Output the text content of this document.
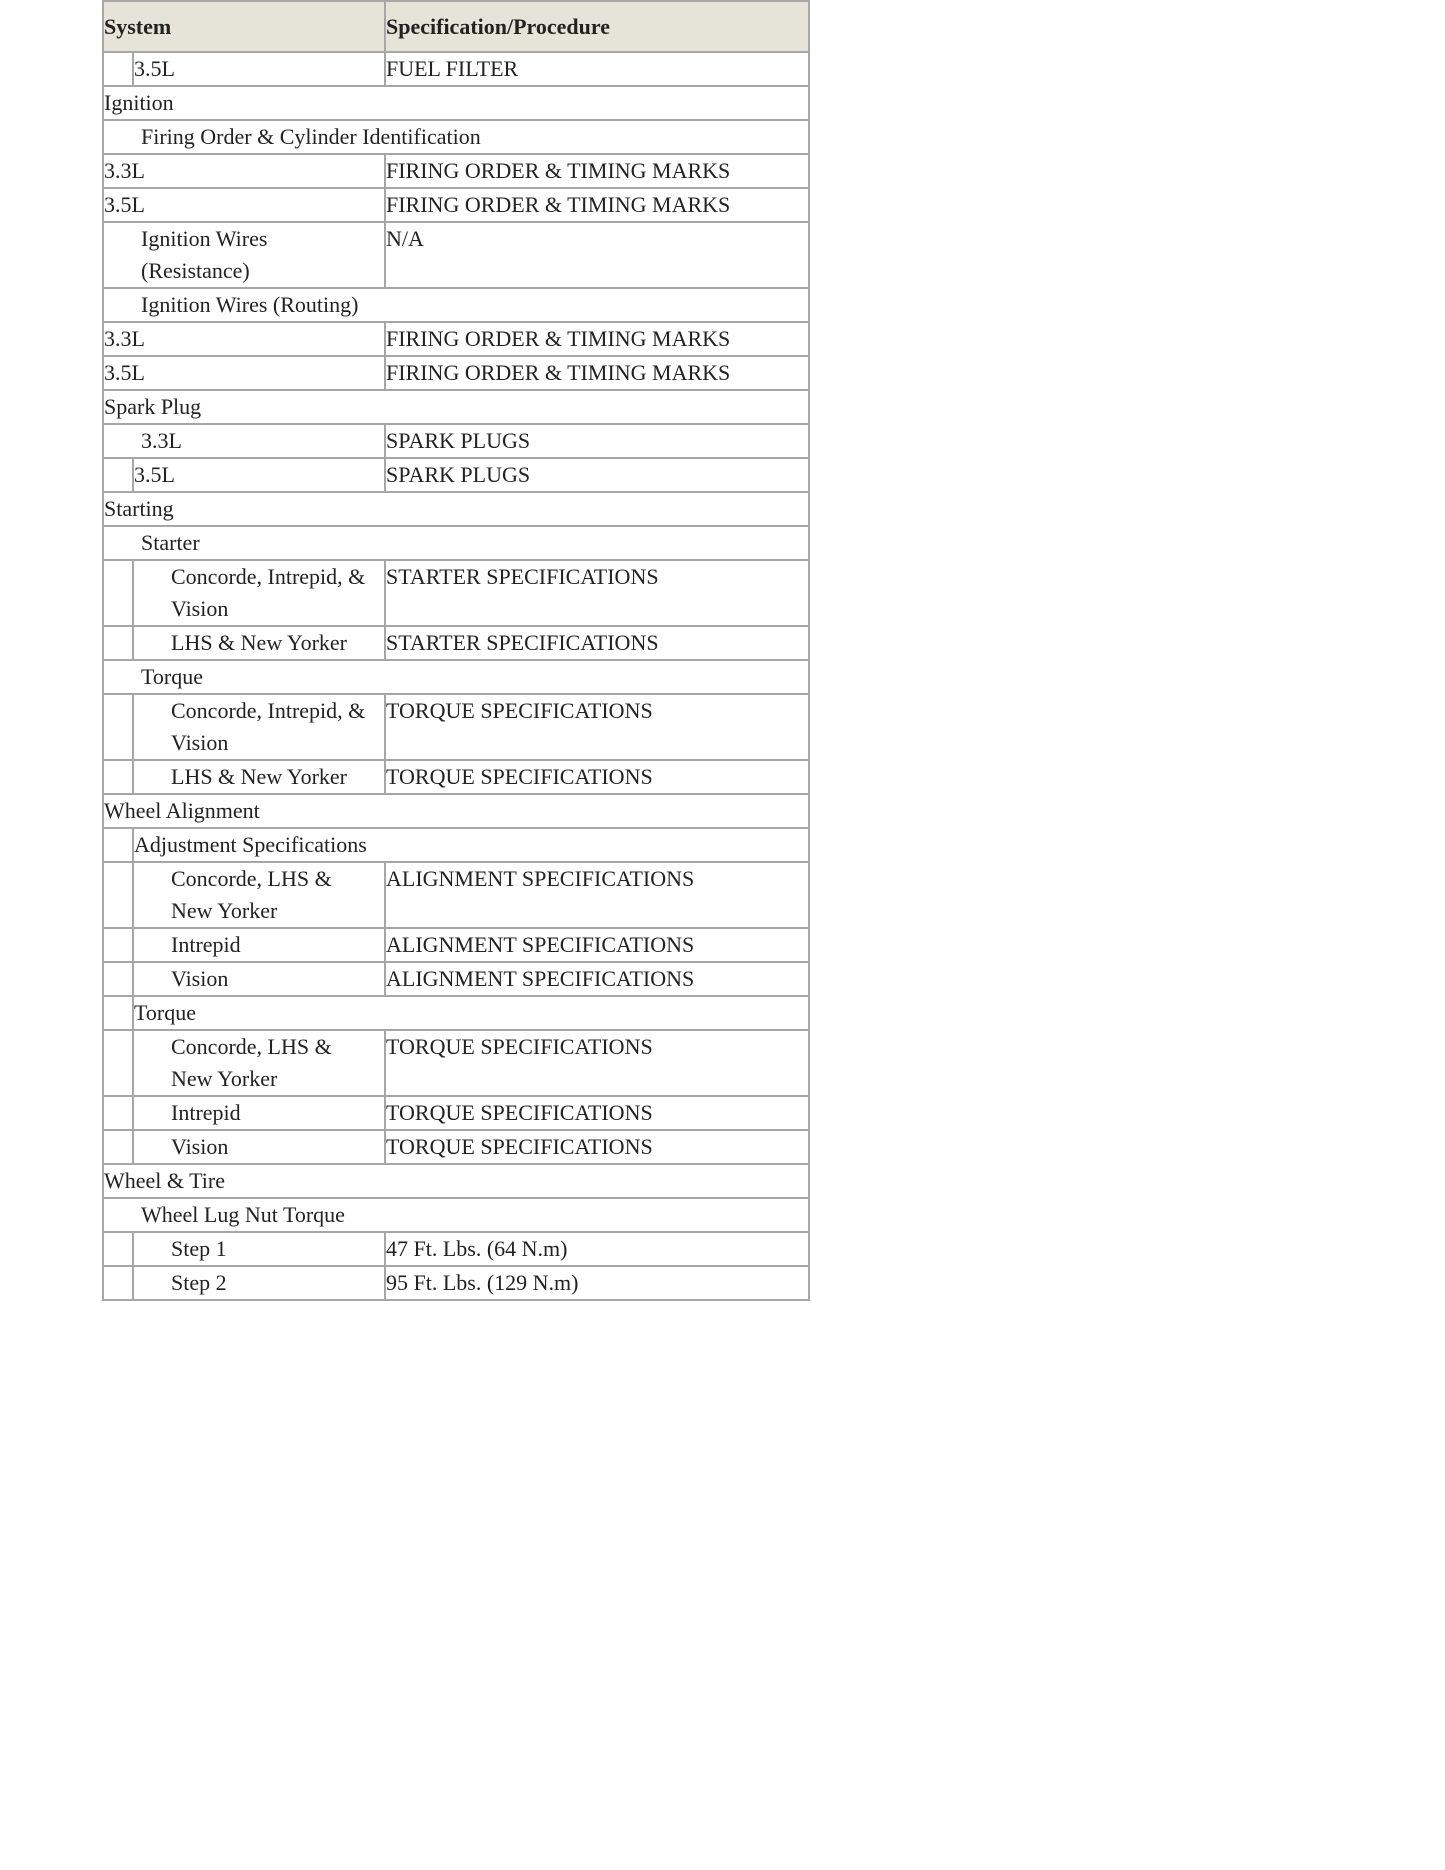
System		Specification/Procedure
	3.5L	FUEL FILTER
Ignition		
Firing Order & Cylinder Identification		
3.3L		FIRING ORDER & TIMING MARKS
3.5L		FIRING ORDER & TIMING MARKS
Ignition Wires (Resistance)		N/A
Ignition Wires (Routing)		
3.3L		FIRING ORDER & TIMING MARKS
3.5L		FIRING ORDER & TIMING MARKS
Spark Plug		
3.3L		SPARK PLUGS
	3.5L	SPARK PLUGS
Starting		
Starter		
	Concorde, Intrepid, & Vision	STARTER SPECIFICATIONS
	LHS & New Yorker	STARTER SPECIFICATIONS
Torque		
	Concorde, Intrepid, & Vision	TORQUE SPECIFICATIONS
	LHS & New Yorker	TORQUE SPECIFICATIONS
Wheel Alignment		
	Adjustment Specifications	
	Concorde, LHS & New Yorker	ALIGNMENT SPECIFICATIONS
	Intrepid	ALIGNMENT SPECIFICATIONS
	Vision	ALIGNMENT SPECIFICATIONS
	Torque	
	Concorde, LHS & New Yorker	TORQUE SPECIFICATIONS
	Intrepid	TORQUE SPECIFICATIONS
	Vision	TORQUE SPECIFICATIONS
Wheel & Tire		
Wheel Lug Nut Torque		
	Step 1	47 Ft. Lbs. (64 N.m)
	Step 2	95 Ft. Lbs. (129 N.m)
